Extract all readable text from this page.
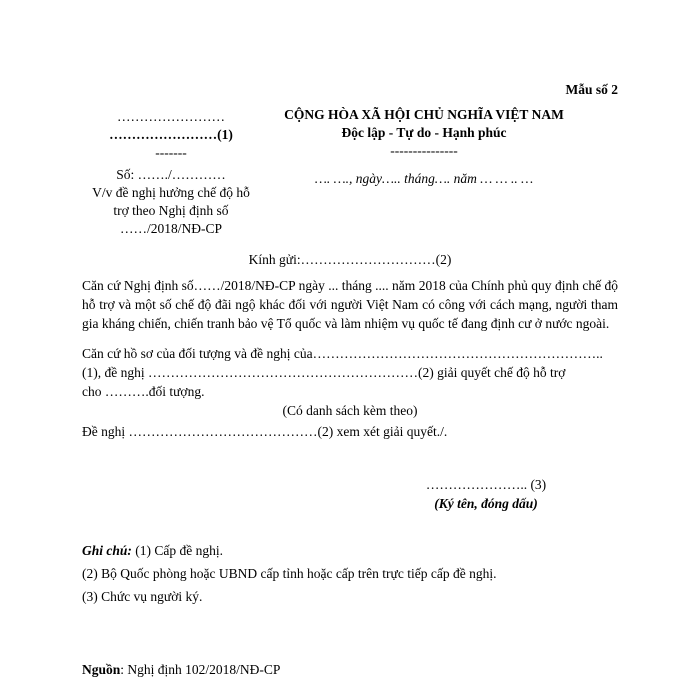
Mẫu số 2
……………………
……………………(1)
-------
Số: ……./…………
V/v đề nghị hưởng chế độ hỗ
trợ theo Nghị định số
……/2018/NĐ-CP
CỘNG HÒA XÃ HỘI CHỦ NGHĨA VIỆT NAM
Độc lập - Tự do - Hạnh phúc
---------------
…. …., ngày….. tháng…. năm … … .. …
Kính gửi:…………………………(2)
Căn cứ Nghị định số……/2018/NĐ-CP ngày ... tháng .... năm 2018 của Chính phủ quy định chế độ hỗ trợ và một số chế độ đãi ngộ khác đối với người Việt Nam có công với cách mạng, người tham gia kháng chiến, chiến tranh bảo vệ Tổ quốc và làm nhiệm vụ quốc tế đang định cư ở nước ngoài.
Căn cứ hồ sơ của đối tượng và đề nghị của………………………………………………………..
(1), đề nghị ……………………………………………………(2) giải quyết chế độ hỗ trợ
cho ……….đối tượng.
(Có danh sách kèm theo)
Đề nghị ……………………………………(2) xem xét giải quyết./.
………………….. (3)
(Ký tên, đóng dấu)
Ghi chú: (1) Cấp đề nghị.
(2) Bộ Quốc phòng hoặc UBND cấp tỉnh hoặc cấp trên trực tiếp cấp đề nghị.
(3) Chức vụ người ký.
Nguồn: Nghị định 102/2018/NĐ-CP
